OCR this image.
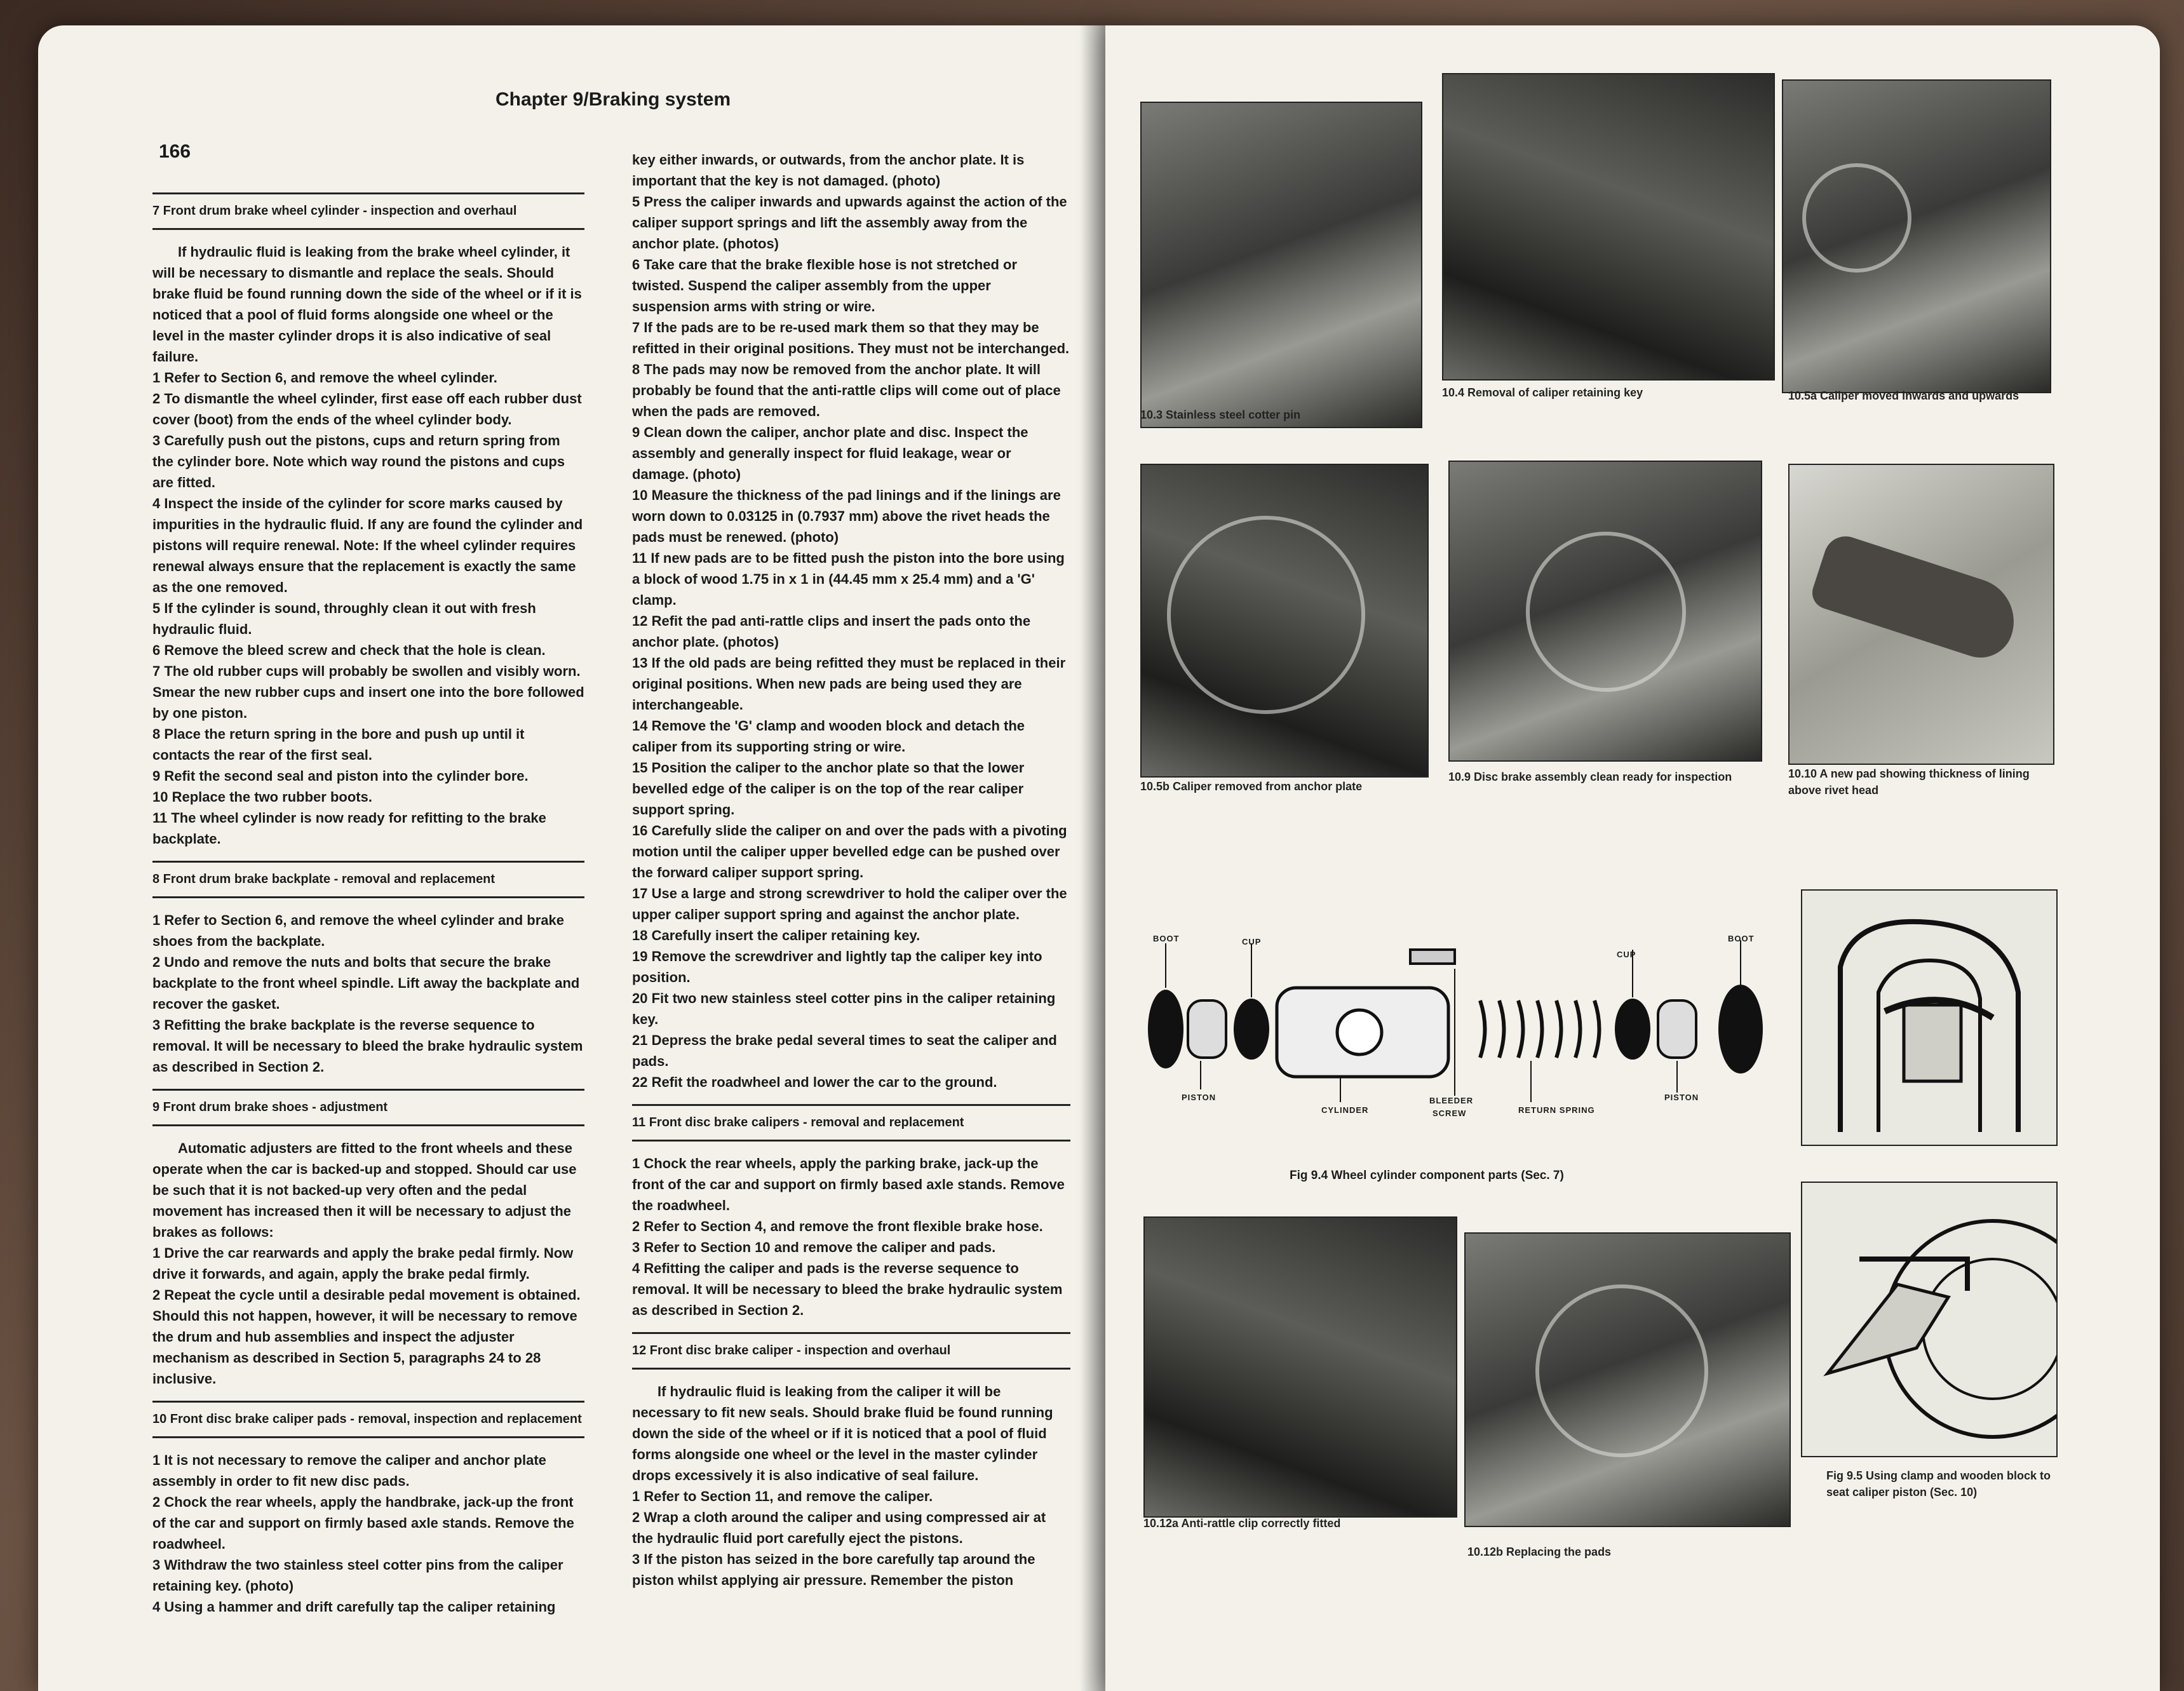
Chapter 9/Braking system
166
7 Front drum brake wheel cylinder - inspection and overhaul

If hydraulic fluid is leaking from the brake wheel cylinder, it will be necessary to dismantle and replace the seals. Should brake fluid be found running down the side of the wheel or if it is noticed that a pool of fluid forms alongside one wheel or the level in the master cylinder drops it is also indicative of seal failure.

1 Refer to Section 6, and remove the wheel cylinder.

2 To dismantle the wheel cylinder, first ease off each rubber dust cover (boot) from the ends of the wheel cylinder body.

3 Carefully push out the pistons, cups and return spring from the cylinder bore. Note which way round the pistons and cups are fitted.

4 Inspect the inside of the cylinder for score marks caused by impurities in the hydraulic fluid. If any are found the cylinder and pistons will require renewal. Note: If the wheel cylinder requires renewal always ensure that the replacement is exactly the same as the one removed.

5 If the cylinder is sound, throughly clean it out with fresh hydraulic fluid.

6 Remove the bleed screw and check that the hole is clean.

7 The old rubber cups will probably be swollen and visibly worn. Smear the new rubber cups and insert one into the bore followed by one piston.

8 Place the return spring in the bore and push up until it contacts the rear of the first seal.

9 Refit the second seal and piston into the cylinder bore.

10 Replace the two rubber boots.

11 The wheel cylinder is now ready for refitting to the brake backplate.

8 Front drum brake backplate - removal and replacement

1 Refer to Section 6, and remove the wheel cylinder and brake shoes from the backplate.

2 Undo and remove the nuts and bolts that secure the brake backplate to the front wheel spindle. Lift away the backplate and recover the gasket.

3 Refitting the brake backplate is the reverse sequence to removal. It will be necessary to bleed the brake hydraulic system as described in Section 2.

9 Front drum brake shoes - adjustment

Automatic adjusters are fitted to the front wheels and these operate when the car is backed-up and stopped. Should car use be such that it is not backed-up very often and the pedal movement has increased then it will be necessary to adjust the brakes as follows:

1 Drive the car rearwards and apply the brake pedal firmly. Now drive it forwards, and again, apply the brake pedal firmly.

2 Repeat the cycle until a desirable pedal movement is obtained. Should this not happen, however, it will be necessary to remove the drum and hub assemblies and inspect the adjuster mechanism as described in Section 5, paragraphs 24 to 28 inclusive.

10 Front disc brake caliper pads - removal, inspection and replacement

1 It is not necessary to remove the caliper and anchor plate assembly in order to fit new disc pads.

2 Chock the rear wheels, apply the handbrake, jack-up the front of the car and support on firmly based axle stands. Remove the roadwheel.

3 Withdraw the two stainless steel cotter pins from the caliper retaining key. (photo)

4 Using a hammer and drift carefully tap the caliper retaining

key either inwards, or outwards, from the anchor plate. It is important that the key is not damaged. (photo)

5 Press the caliper inwards and upwards against the action of the caliper support springs and lift the assembly away from the anchor plate. (photos)

6 Take care that the brake flexible hose is not stretched or twisted. Suspend the caliper assembly from the upper suspension arms with string or wire.

7 If the pads are to be re-used mark them so that they may be refitted in their original positions. They must not be interchanged.

8 The pads may now be removed from the anchor plate. It will probably be found that the anti-rattle clips will come out of place when the pads are removed.

9 Clean down the caliper, anchor plate and disc. Inspect the assembly and generally inspect for fluid leakage, wear or damage. (photo)

10 Measure the thickness of the pad linings and if the linings are worn down to 0.03125 in (0.7937 mm) above the rivet heads the pads must be renewed. (photo)

11 If new pads are to be fitted push the piston into the bore using a block of wood 1.75 in x 1 in (44.45 mm x 25.4 mm) and a 'G' clamp.

12 Refit the pad anti-rattle clips and insert the pads onto the anchor plate. (photos)

13 If the old pads are being refitted they must be replaced in their original positions. When new pads are being used they are interchangeable.

14 Remove the 'G' clamp and wooden block and detach the caliper from its supporting string or wire.

15 Position the caliper to the anchor plate so that the lower bevelled edge of the caliper is on the top of the rear caliper support spring.

16 Carefully slide the caliper on and over the pads with a pivoting motion until the caliper upper bevelled edge can be pushed over the forward caliper support spring.

17 Use a large and strong screwdriver to hold the caliper over the upper caliper support spring and against the anchor plate.

18 Carefully insert the caliper retaining key.

19 Remove the screwdriver and lightly tap the caliper key into position.

20 Fit two new stainless steel cotter pins in the caliper retaining key.

21 Depress the brake pedal several times to seat the caliper and pads.

22 Refit the roadwheel and lower the car to the ground.

11 Front disc brake calipers - removal and replacement

1 Chock the rear wheels, apply the parking brake, jack-up the front of the car and support on firmly based axle stands. Remove the roadwheel.

2 Refer to Section 4, and remove the front flexible brake hose.

3 Refer to Section 10 and remove the caliper and pads.

4 Refitting the caliper and pads is the reverse sequence to removal. It will be necessary to bleed the brake hydraulic system as described in Section 2.

12 Front disc brake caliper - inspection and overhaul

If hydraulic fluid is leaking from the caliper it will be necessary to fit new seals. Should brake fluid be found running down the side of the wheel or if it is noticed that a pool of fluid forms alongside one wheel or the level in the master cylinder drops excessively it is also indicative of seal failure.

1 Refer to Section 11, and remove the caliper.

2 Wrap a cloth around the caliper and using compressed air at the hydraulic fluid port carefully eject the pistons.

3 If the piston has seized in the bore carefully tap around the piston whilst applying air pressure. Remember the piston

10.3 Stainless steel cotter pin
10.4 Removal of caliper retaining key	10.5a Caliper moved inwards and upwards
10.5b Caliper removed from anchor plate
10.9 Disc brake assembly clean ready for inspection	10.10 A new pad showing thickness of lining above rivet head
BOOT	CUP
PISTON
CYLINDER
BLEEDER
SCREW	RETURN SPRING
CUP
PISTON
BOOT
Fig 9.4 Wheel cylinder component parts (Sec. 7)
10.12a Anti-rattle clip correctly fitted
10.12b Replacing the pads
Fig 9.5 Using clamp and wooden block to seat caliper piston (Sec. 10)
